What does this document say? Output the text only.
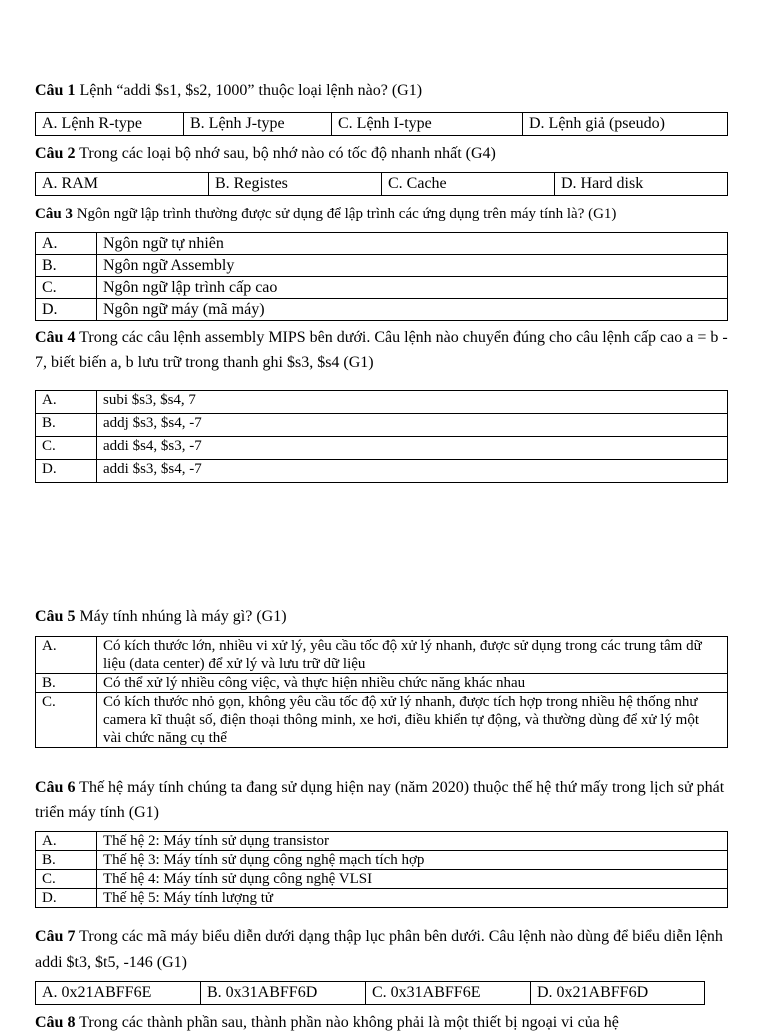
Câu 1 Lệnh “addi $s1, $s2, 1000” thuộc loại lệnh nào? (G1)
A. Lệnh R-type	B. Lệnh J-type	C. Lệnh I-type	D. Lệnh giả (pseudo)
Câu 2 Trong các loại bộ nhớ sau, bộ nhớ nào có tốc độ nhanh nhất (G4)
A. RAM	B. Registes	C. Cache	D. Hard disk
Câu 3 Ngôn ngữ lập trình thường được sử dụng để lập trình các ứng dụng trên máy tính là? (G1)
A.	Ngôn ngữ tự nhiên
B.	Ngôn ngữ Assembly
C.	Ngôn ngữ lập trình cấp cao
D.	Ngôn ngữ máy (mã máy)
Câu 4 Trong các câu lệnh assembly MIPS bên dưới. Câu lệnh nào chuyển đúng cho câu lệnh cấp cao a = b - 7, biết biến a, b lưu trữ trong thanh ghi $s3, $s4 (G1)
A.	subi $s3, $s4, 7
B.	addj $s3, $s4, -7
C.	addi $s4, $s3, -7
D.	addi $s3, $s4, -7
Câu 5 Máy tính nhúng là máy gì? (G1)
A.	Có kích thước lớn, nhiều vi xử lý, yêu cầu tốc độ xử lý nhanh, được sử dụng trong các trung tâm dữ liệu (data center) để xử lý và lưu trữ dữ liệu
B.	Có thể xử lý nhiều công việc, và thực hiện nhiều chức năng khác nhau
C.	Có kích thước nhỏ gọn, không yêu cầu tốc độ xử lý nhanh, được tích hợp trong nhiều hệ thống như camera kĩ thuật số, điện thoại thông minh, xe hơi, điều khiển tự động, và thường dùng để xử lý một vài chức năng cụ thể
Câu 6 Thế hệ máy tính chúng ta đang sử dụng hiện nay (năm 2020) thuộc thế hệ thứ mấy trong lịch sử phát triển máy tính (G1)
A.	Thế hệ 2: Máy tính sử dụng transistor
B.	Thế hệ 3: Máy tính sử dụng công nghệ mạch tích hợp
C.	Thế hệ 4: Máy tính sử dụng công nghệ VLSI
D.	Thế hệ 5: Máy tính lượng tử
Câu 7 Trong các mã máy biểu diễn dưới dạng thập lục phân bên dưới. Câu lệnh nào dùng để biểu diễn lệnh addi $t3, $t5, -146 (G1)
A. 0x21ABFF6E	B. 0x31ABFF6D	C. 0x31ABFF6E	D. 0x21ABFF6D
Câu 8 Trong các thành phần sau, thành phần nào không phải là một thiết bị ngoại vi của hệ
